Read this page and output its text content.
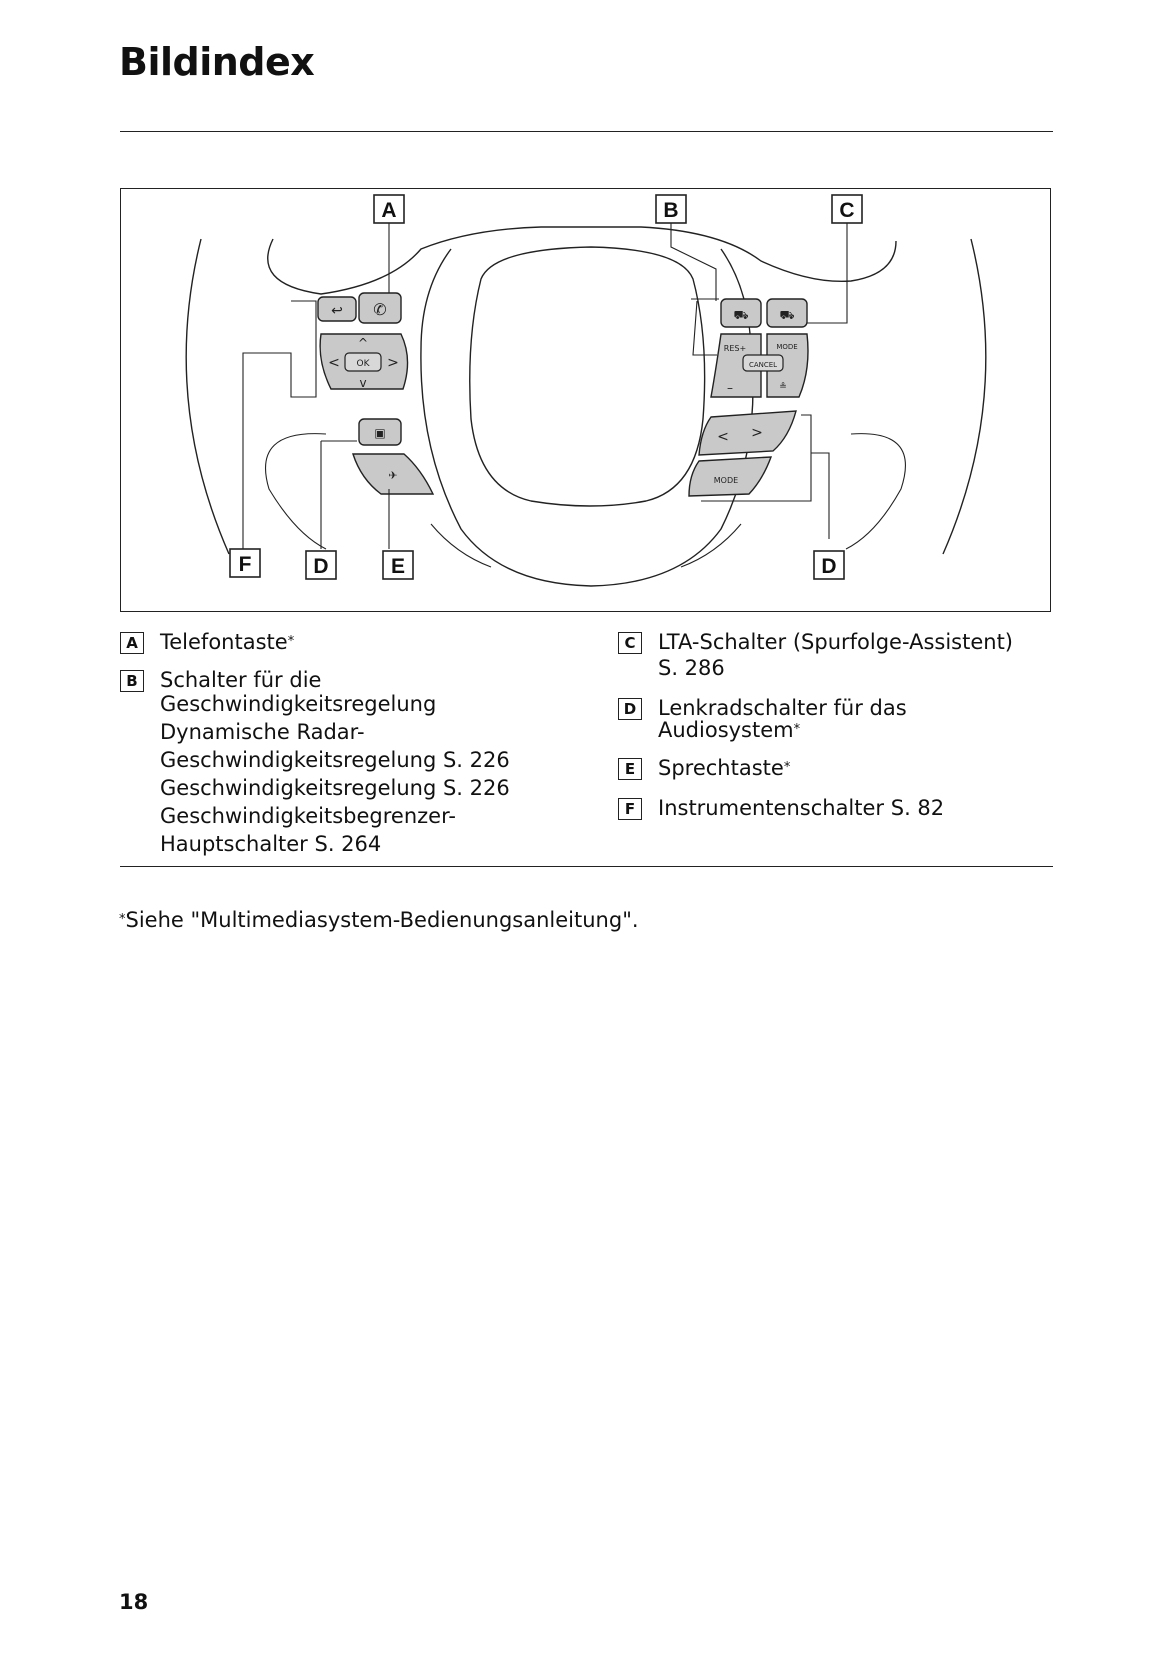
Bildindex
↩ ✆
^
<	>
v
OK
▣
✈
⛟	⛟
RES+
–
MODE
≗
CANCEL
< >
MODE
A	B	C
F	D	E	D
A Telefontaste*
B Schalter für die
Geschwindigkeitsregelung
Dynamische Radar-
Geschwindigkeitsregelung S. 226
Geschwindigkeitsregelung S. 226
Geschwindigkeitsbegrenzer-
Hauptschalter S. 264
C	LTA-Schalter (Spurfolge-Assistent)
S. 286
D Lenkradschalter für das
Audiosystem*
E	Sprechtaste*
F	Instrumentenschalter S. 82
*Siehe "Multimediasystem-Bedienungsanleitung".
18
